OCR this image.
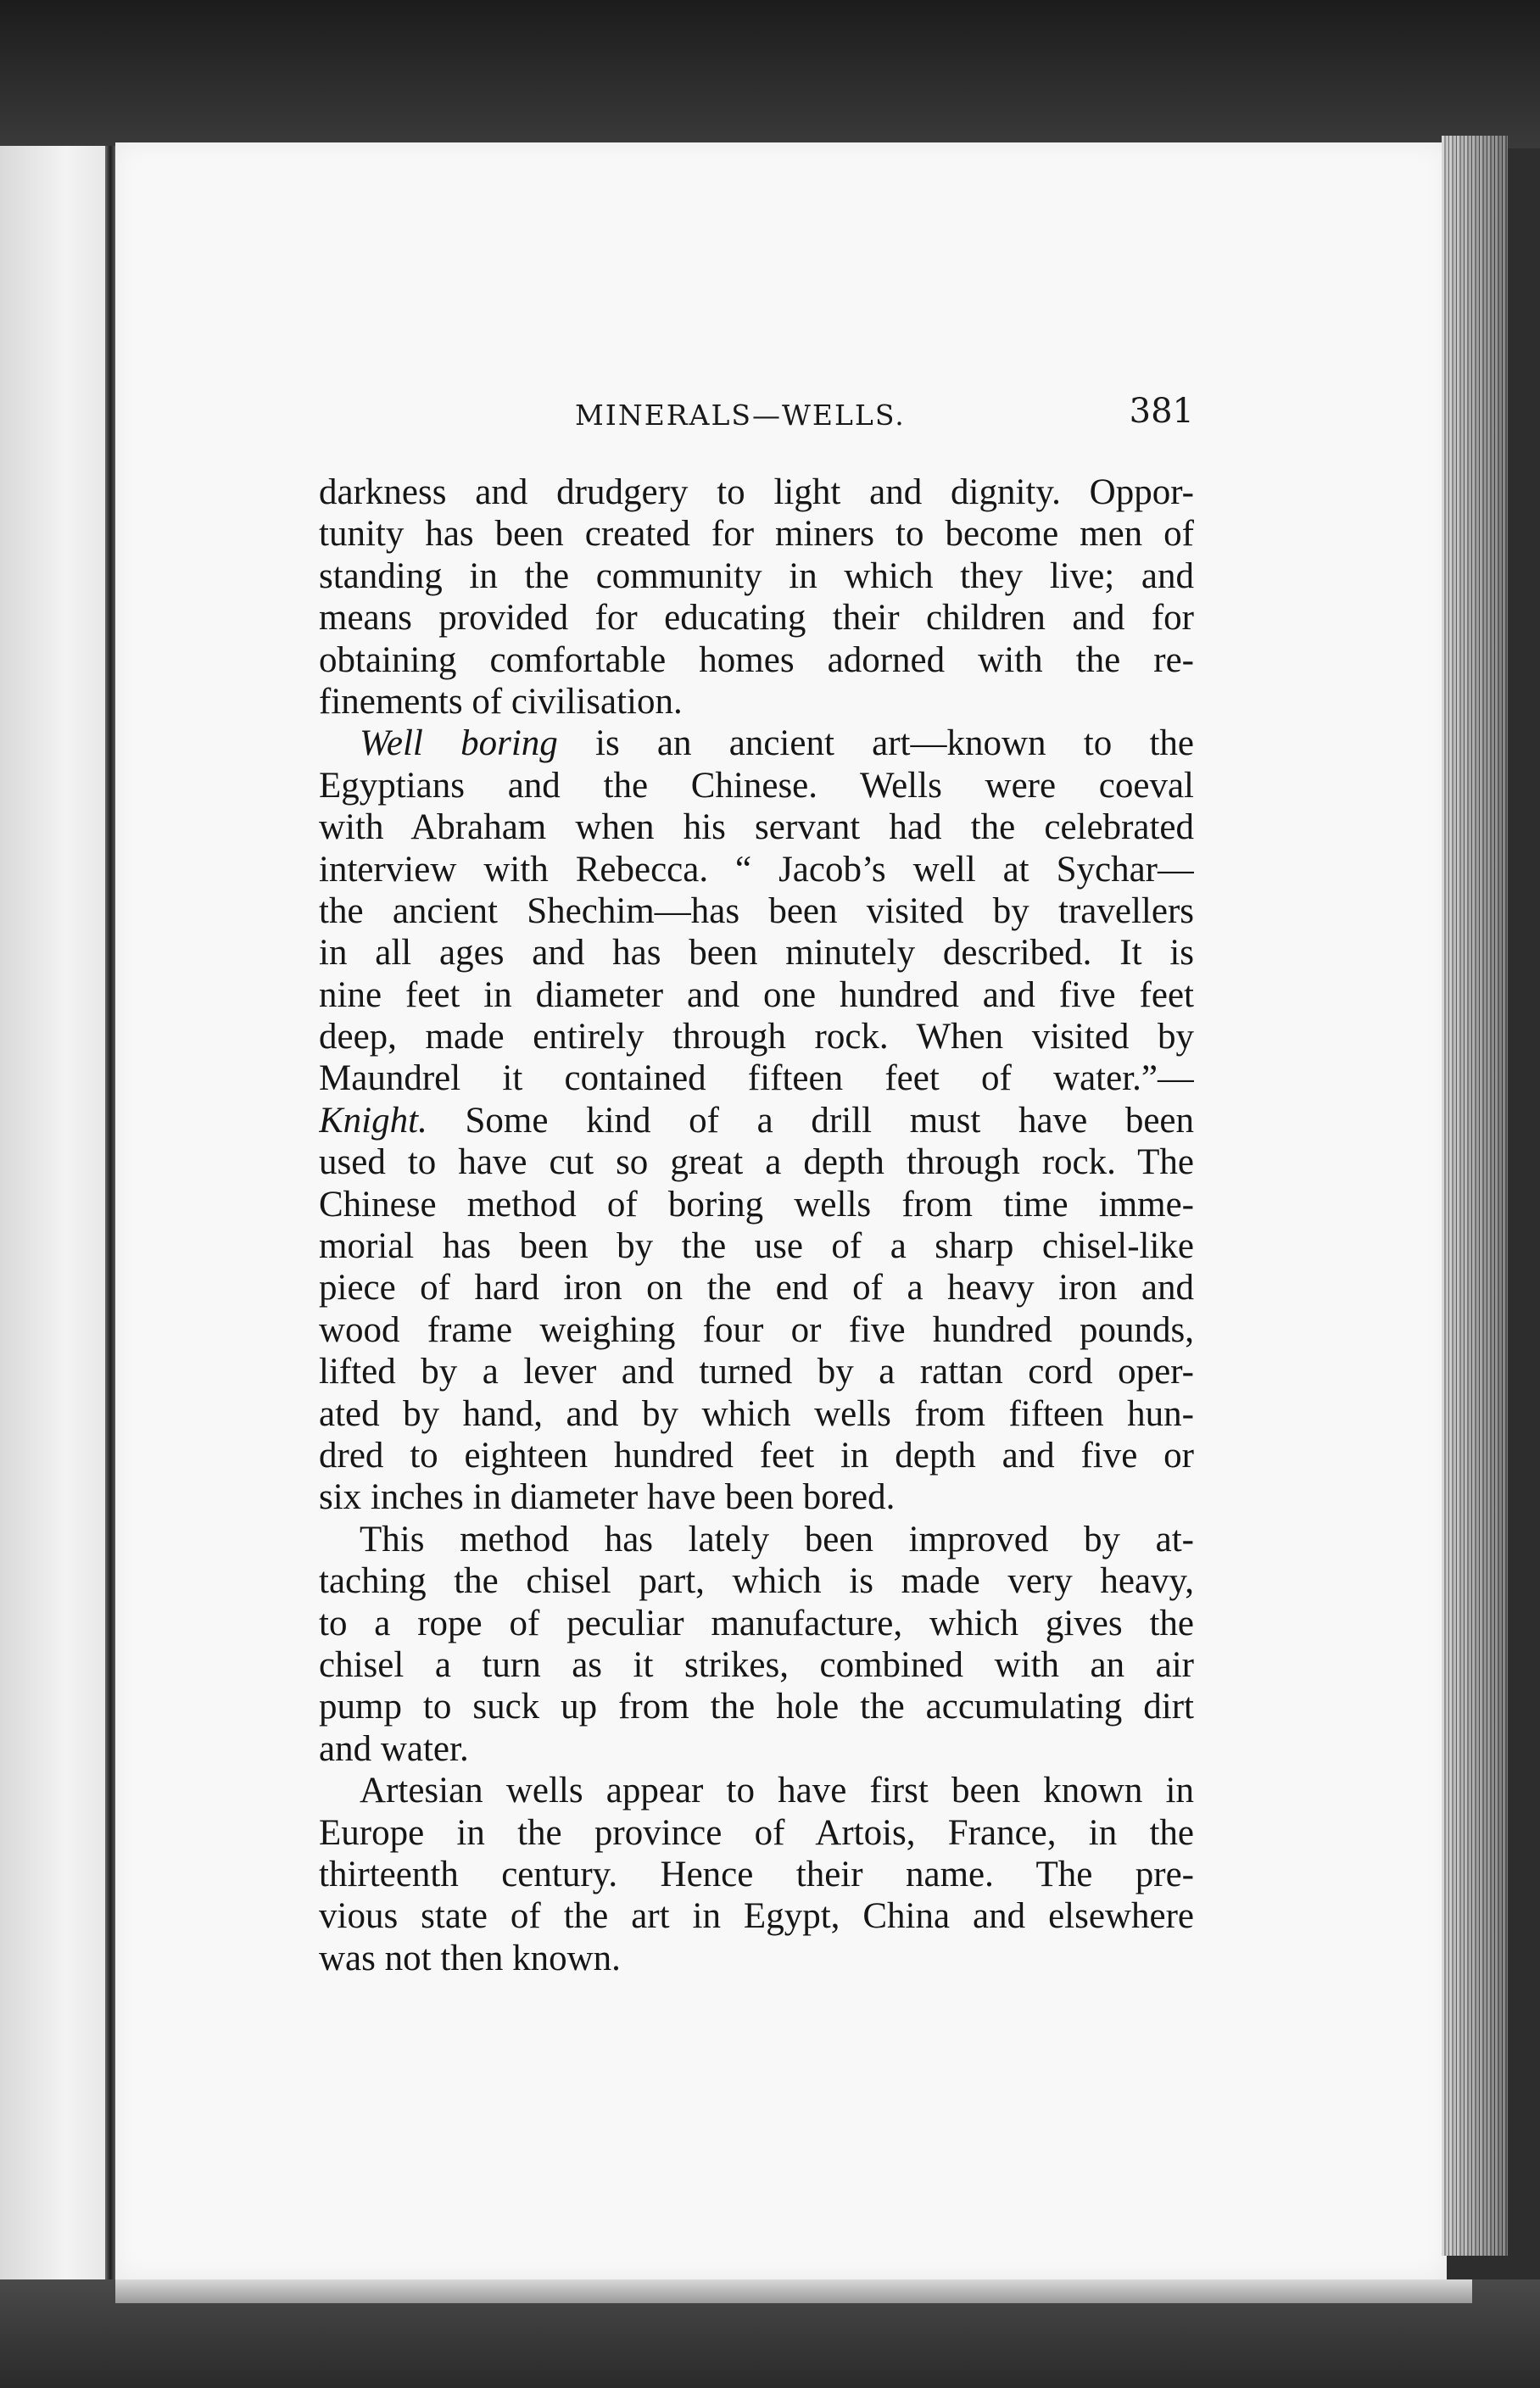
MINERALS—WELLS.	381
darkness and drudgery to light and dignity. Oppor-
tunity has been created for miners to become men of
standing in the community in which they live; and
means provided for educating their children and for
obtaining comfortable homes adorned with the re-
finements of civilisation.
Well boring is an ancient art—known to the
Egyptians and the Chinese. Wells were coeval
with Abraham when his servant had the celebrated
interview with Rebecca. “ Jacob’s well at Sychar—
the ancient Shechim—has been visited by travellers
in all ages and has been minutely described. It is
nine feet in diameter and one hundred and five feet
deep, made entirely through rock. When visited by
Maundrel it contained fifteen feet of water.”—
Knight. Some kind of a drill must have been
used to have cut so great a depth through rock. The
Chinese method of boring wells from time imme-
morial has been by the use of a sharp chisel-like
piece of hard iron on the end of a heavy iron and
wood frame weighing four or five hundred pounds,
lifted by a lever and turned by a rattan cord oper-
ated by hand, and by which wells from fifteen hun-
dred to eighteen hundred feet in depth and five or
six inches in diameter have been bored.
This method has lately been improved by at-
taching the chisel part, which is made very heavy,
to a rope of peculiar manufacture, which gives the
chisel a turn as it strikes, combined with an air
pump to suck up from the hole the accumulating dirt
and water.
Artesian wells appear to have first been known in
Europe in the province of Artois, France, in the
thirteenth century. Hence their name. The pre-
vious state of the art in Egypt, China and elsewhere
was not then known.
